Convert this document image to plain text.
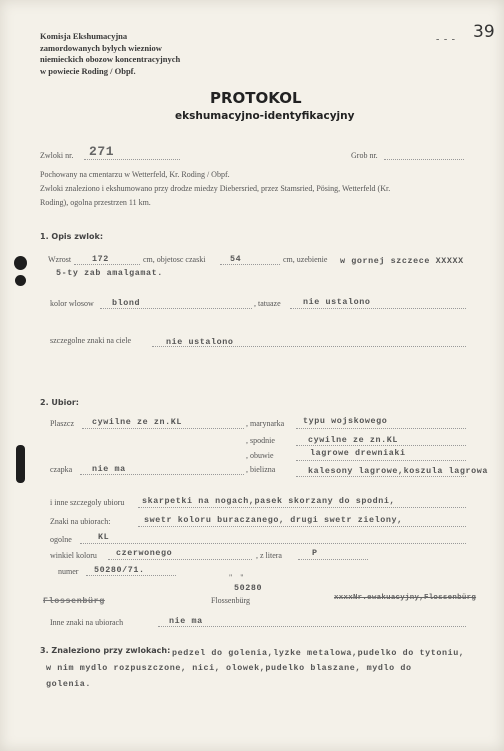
Komisja Ekshumacyjna
zamordowanych bylych wiezniow
niemieckich obozow koncentracyjnych
w powiecie Roding / Obpf.
- - - 39
PROTOKOL
ekshumacyjno-identyfikacyjny
Zwloki nr. 271	Grob nr.
Pochowany na cmentarzu w Wetterfeld, Kr. Roding / Obpf.
Zwloki znaleziono i ekshumowano przy drodze miedzy Diebersried, przez Stamsried, Pösing, Wetterfeld (Kr.
Roding), ogolna przestrzen 11 km.
1. Opis zwlok:
Wzrost 172	cm, objetosc czaski	54	cm, uzebienie w gornej szczece XXXXX
5-ty zab amalgamat.
kolor wlosow blond	, tatuaze	nie ustalono
szczegolne znaki na ciele	nie ustalono
2. Ubior:
Plaszcz cywilne ze zn.KL	, marynarka typu wojskowego
, spodnie	cywilne ze zn.KL
, obuwie	lagrowe drewniaki
czapka nie ma	, bielizna	kalesony lagrowe,koszula lagrowa
i inne szczegoly ubioru skarpetki na nogach,pasek skorzany do spodni,
Znaki na ubiorach:	swetr koloru buraczanego, drugi swetr zielony,
ogolne	KL
winkiel koloru czerwonego	, z litera	P
numer 50280/71.
" "
50280
Flossenbürg
Flossenbürg	xxxxNr.ewakuacyjny,Flossenbürg
Inne znaki na ubiorach	nie ma
3. Znaleziono przy zwlokach: pedzel do golenia,lyzke metalowa,pudelko do tytoniu,
w nim mydlo rozpuszczone, nici, olowek,pudelko blaszane, mydlo do
golenia.
